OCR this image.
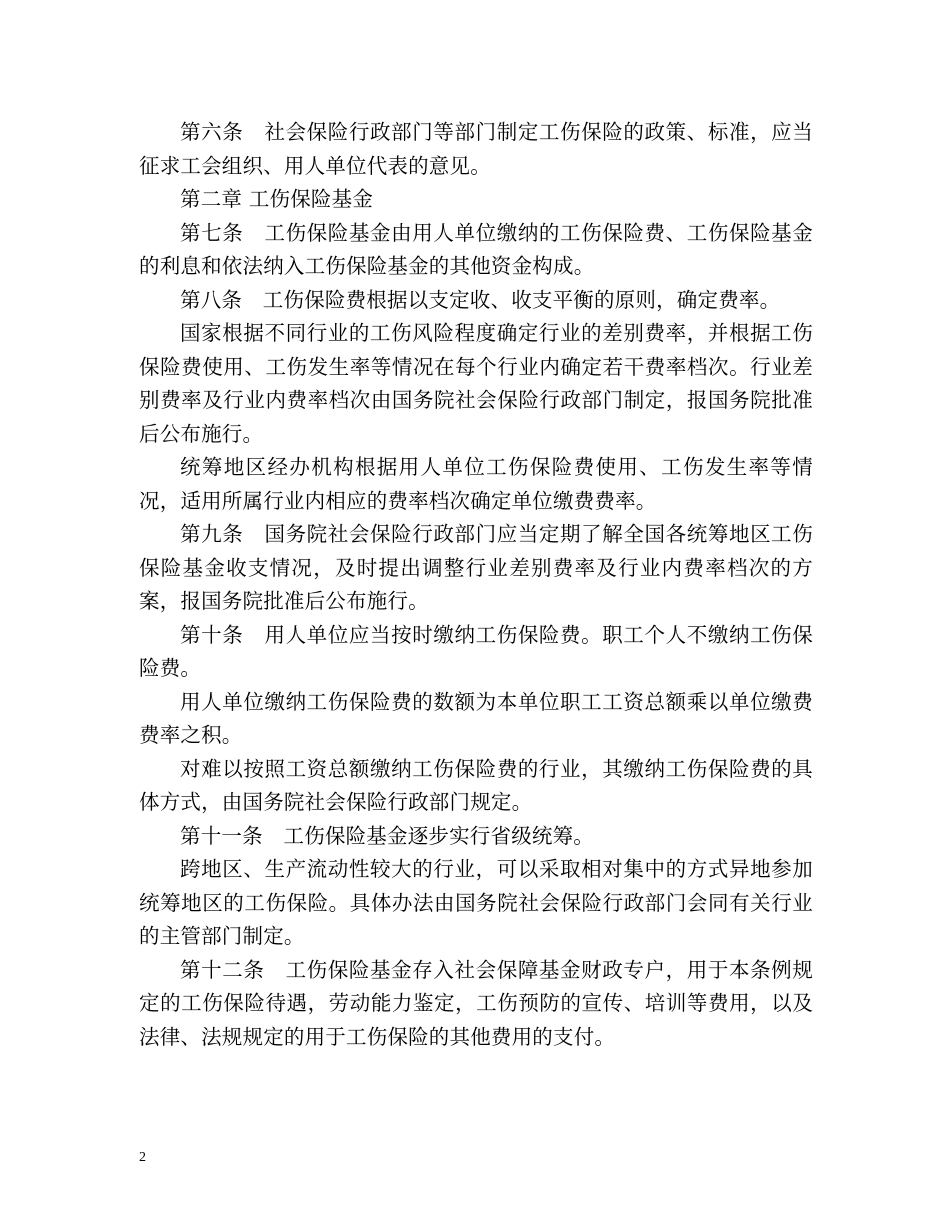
第六条　社会保险行政部门等部门制定工伤保险的政策、标准，应当征求工会组织、用人单位代表的意见。

第二章 工伤保险基金

第七条　工伤保险基金由用人单位缴纳的工伤保险费、工伤保险基金的利息和依法纳入工伤保险基金的其他资金构成。

第八条　工伤保险费根据以支定收、收支平衡的原则，确定费率。

国家根据不同行业的工伤风险程度确定行业的差别费率，并根据工伤保险费使用、工伤发生率等情况在每个行业内确定若干费率档次。行业差别费率及行业内费率档次由国务院社会保险行政部门制定，报国务院批准后公布施行。

统筹地区经办机构根据用人单位工伤保险费使用、工伤发生率等情况，适用所属行业内相应的费率档次确定单位缴费费率。

第九条　国务院社会保险行政部门应当定期了解全国各统筹地区工伤保险基金收支情况，及时提出调整行业差别费率及行业内费率档次的方案，报国务院批准后公布施行。

第十条　用人单位应当按时缴纳工伤保险费。职工个人不缴纳工伤保险费。

用人单位缴纳工伤保险费的数额为本单位职工工资总额乘以单位缴费费率之积。

对难以按照工资总额缴纳工伤保险费的行业，其缴纳工伤保险费的具体方式，由国务院社会保险行政部门规定。

第十一条　工伤保险基金逐步实行省级统筹。

跨地区、生产流动性较大的行业，可以采取相对集中的方式异地参加统筹地区的工伤保险。具体办法由国务院社会保险行政部门会同有关行业的主管部门制定。

第十二条　工伤保险基金存入社会保障基金财政专户，用于本条例规定的工伤保险待遇，劳动能力鉴定，工伤预防的宣传、培训等费用，以及法律、法规规定的用于工伤保险的其他费用的支付。

2
